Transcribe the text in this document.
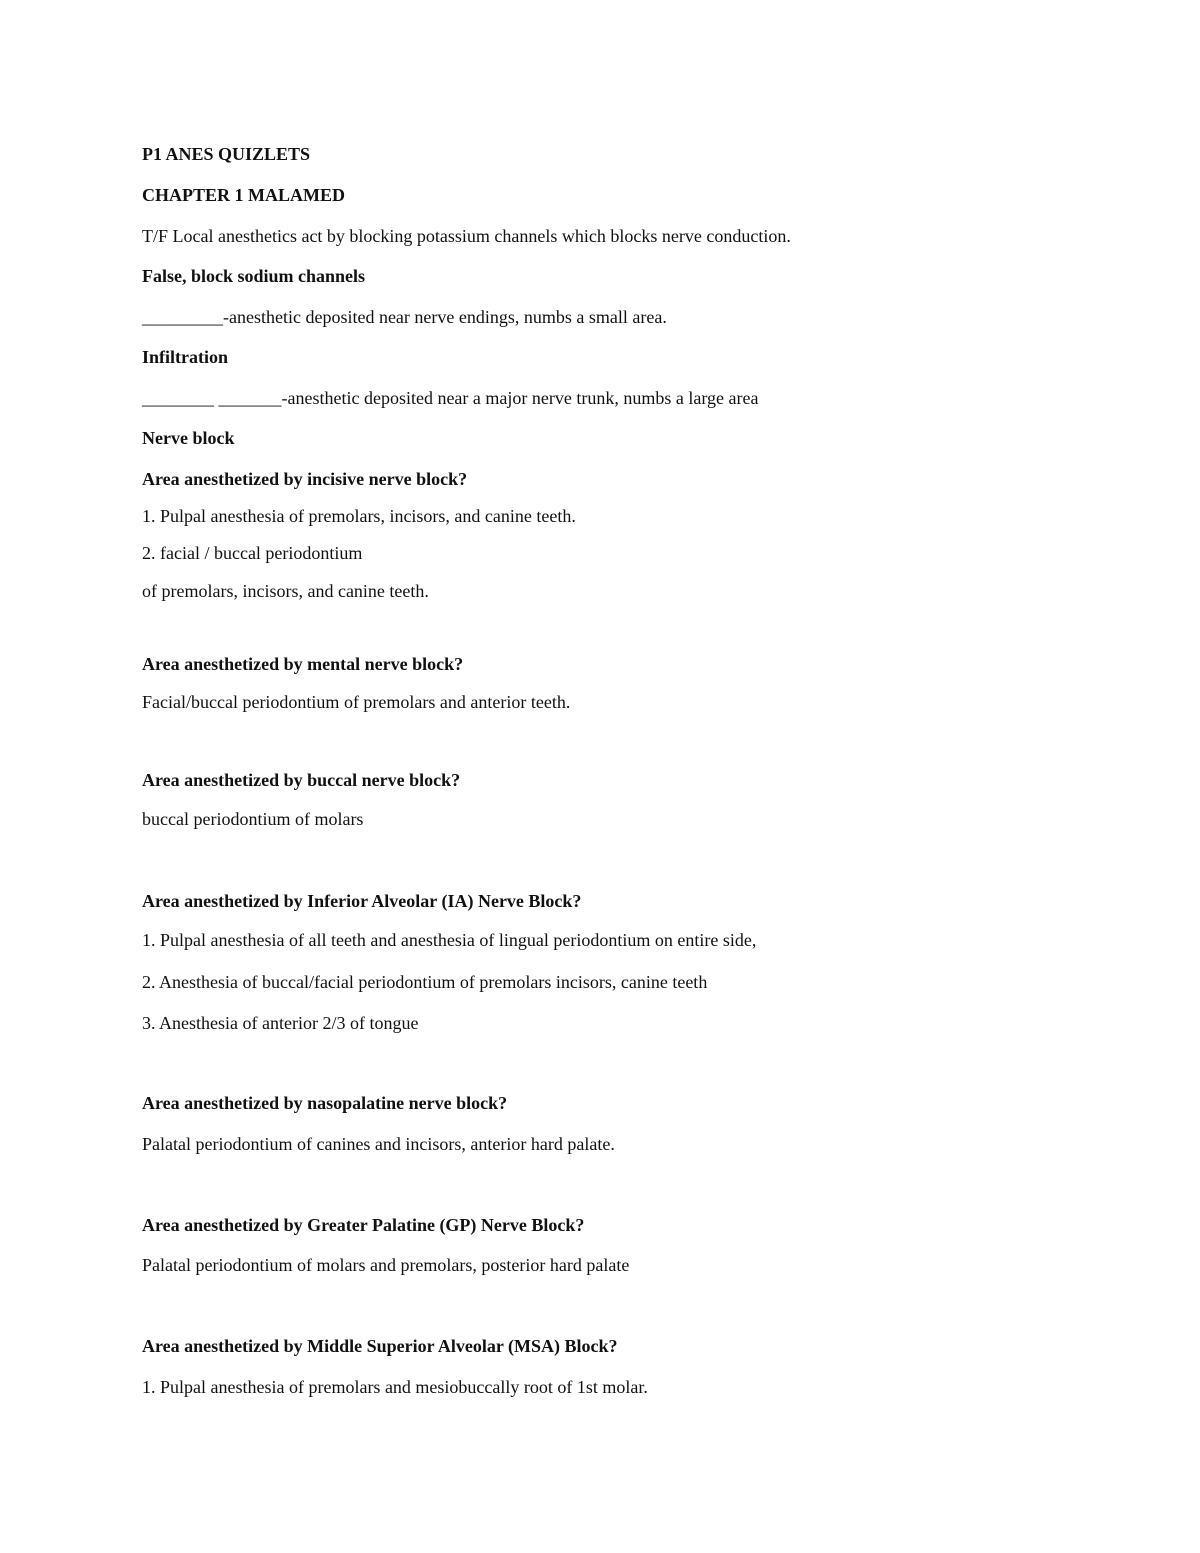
P1 ANES QUIZLETS
CHAPTER 1 MALAMED
T/F Local anesthetics act by blocking potassium channels which blocks nerve conduction.
False, block sodium channels
_________-anesthetic deposited near nerve endings, numbs a small area.
Infiltration
________ _______-anesthetic deposited near a major nerve trunk, numbs a large area
Nerve block
Area anesthetized by incisive nerve block?
1. Pulpal anesthesia of premolars, incisors, and canine teeth.
2. facial / buccal periodontium
of premolars, incisors, and canine teeth.
Area anesthetized by mental nerve block?
Facial/buccal periodontium of premolars and anterior teeth.
Area anesthetized by buccal nerve block?
buccal periodontium of molars
Area anesthetized by Inferior Alveolar (IA) Nerve Block?
1. Pulpal anesthesia of all teeth and anesthesia of lingual periodontium on entire side,
2. Anesthesia of buccal/facial periodontium of premolars incisors, canine teeth
3. Anesthesia of anterior 2/3 of tongue
Area anesthetized by nasopalatine nerve block?
Palatal periodontium of canines and incisors, anterior hard palate.
Area anesthetized by Greater Palatine (GP) Nerve Block?
Palatal periodontium of molars and premolars, posterior hard palate
Area anesthetized by Middle Superior Alveolar (MSA) Block?
1. Pulpal anesthesia of premolars and mesiobuccally root of 1st molar.
